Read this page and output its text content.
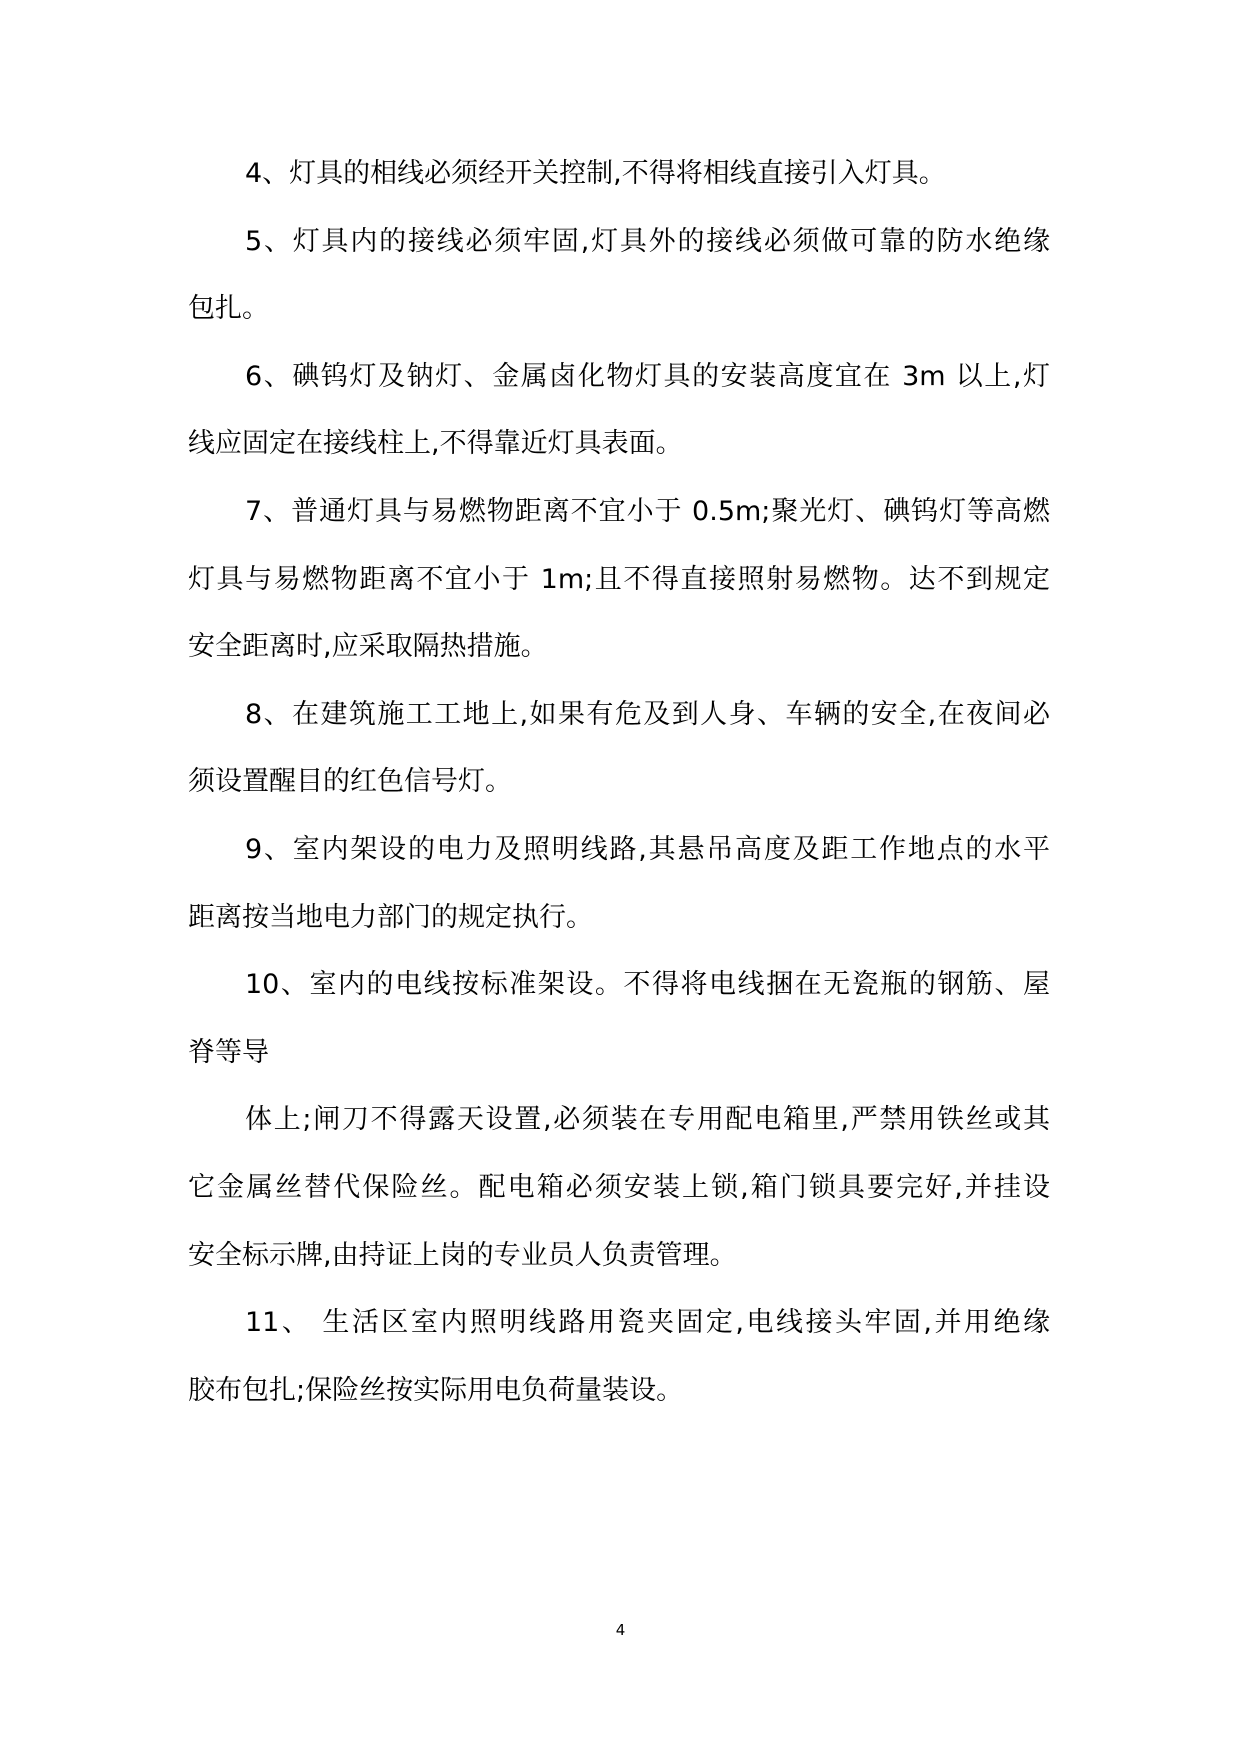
4、灯具的相线必须经开关控制,不得将相线直接引入灯具。
5、灯具内的接线必须牢固,灯具外的接线必须做可靠的防水绝缘
包扎。
6、碘钨灯及钠灯、金属卤化物灯具的安装高度宜在 3m 以上,灯
线应固定在接线柱上,不得靠近灯具表面。
7、普通灯具与易燃物距离不宜小于 0.5m;聚光灯、碘钨灯等高燃
灯具与易燃物距离不宜小于 1m;且不得直接照射易燃物。达不到规定
安全距离时,应采取隔热措施。
8、在建筑施工工地上,如果有危及到人身、车辆的安全,在夜间必
须设置醒目的红色信号灯。
9、室内架设的电力及照明线路,其悬吊高度及距工作地点的水平
距离按当地电力部门的规定执行。
10、室内的电线按标准架设。不得将电线捆在无瓷瓶的钢筋、屋
脊等导
体上;闸刀不得露天设置,必须装在专用配电箱里,严禁用铁丝或其
它金属丝替代保险丝。配电箱必须安装上锁,箱门锁具要完好,并挂设
安全标示牌,由持证上岗的专业员人负责管理。
11、 生活区室内照明线路用瓷夹固定,电线接头牢固,并用绝缘
胶布包扎;保险丝按实际用电负荷量装设。
4
